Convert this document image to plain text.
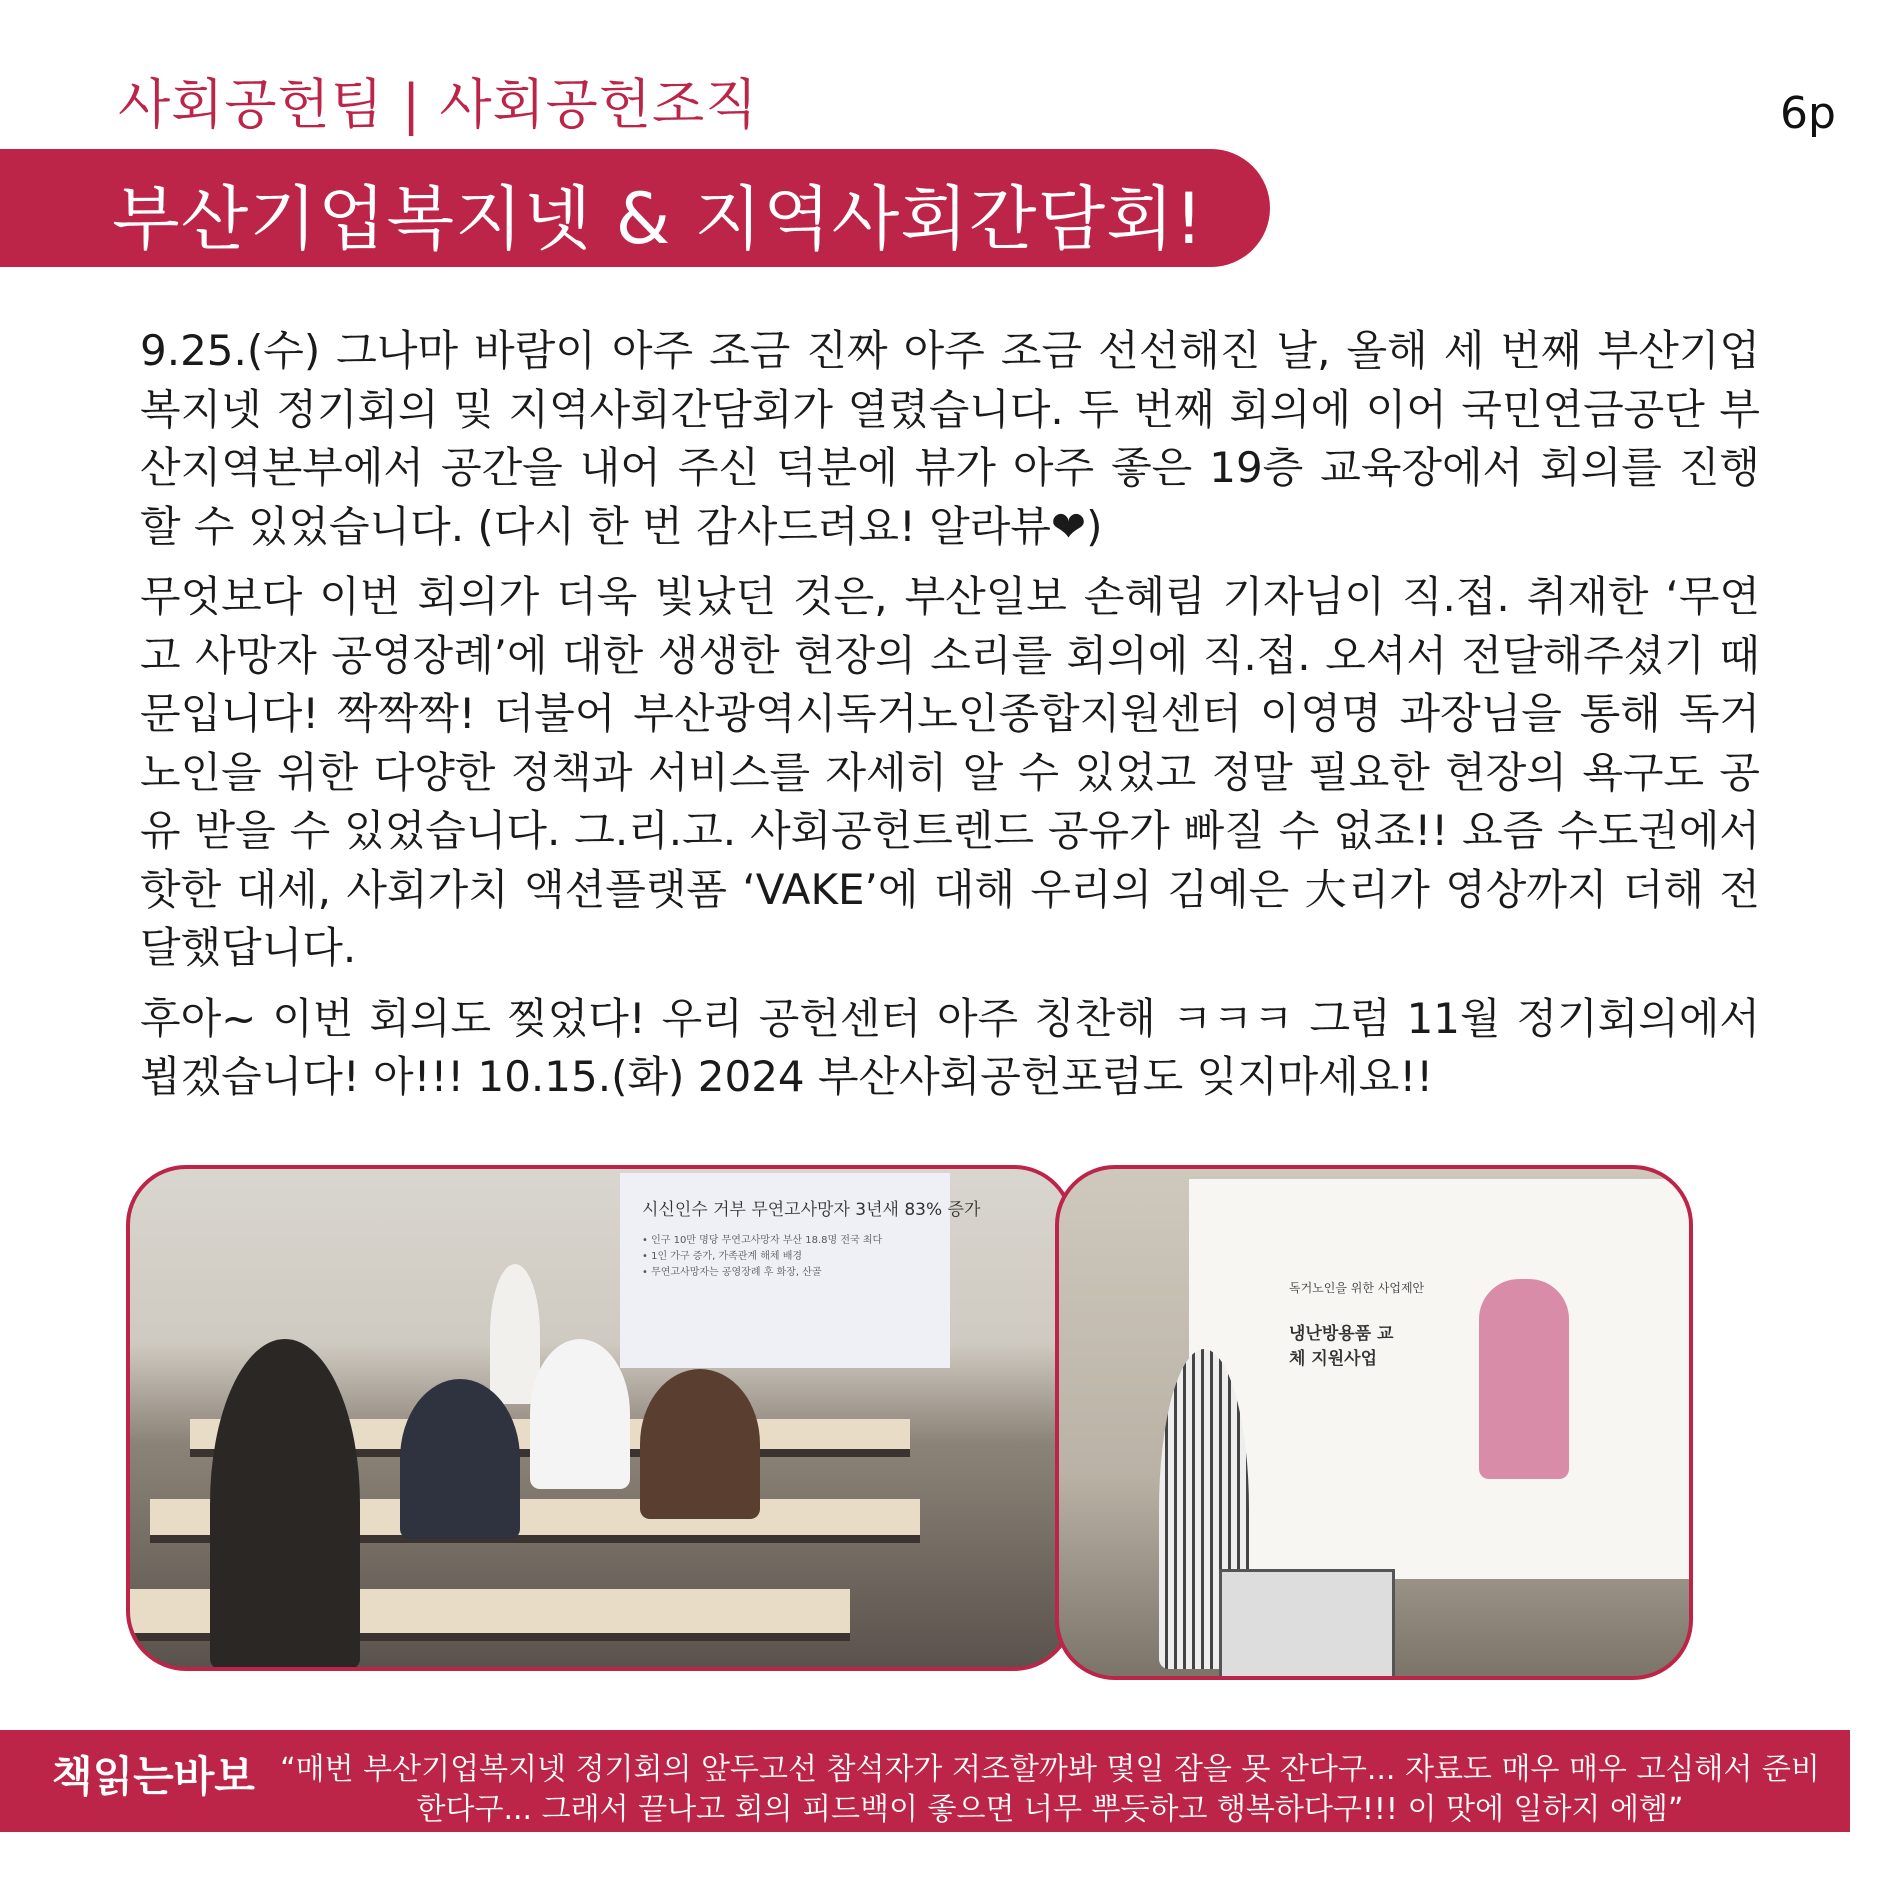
사회공헌팀 | 사회공헌조직	6p
부산기업복지넷 & 지역사회간담회!

9.25.(수) 그나마 바람이 아주 조금 진짜 아주 조금 선선해진 날, 올해 세 번째 부산기업복지넷 정기회의 및 지역사회간담회가 열렸습니다. 두 번째 회의에 이어 국민연금공단 부산지역본부에서 공간을 내어 주신 덕분에 뷰가 아주 좋은 19층 교육장에서 회의를 진행 할 수 있었습니다. (다시 한 번 감사드려요! 알라뷰❤)

무엇보다 이번 회의가 더욱 빛났던 것은, 부산일보 손혜림 기자님이 직.접. 취재한 ‘무연고 사망자 공영장례’에 대한 생생한 현장의 소리를 회의에 직.접. 오셔서 전달해주셨기 때문입니다! 짝짝짝! 더불어 부산광역시독거노인종합지원센터 이영명 과장님을 통해 독거노인을 위한 다양한 정책과 서비스를 자세히 알 수 있었고 정말 필요한 현장의 욕구도 공유 받을 수 있었습니다. 그.리.고. 사회공헌트렌드 공유가 빠질 수 없죠!! 요즘 수도권에서 핫한 대세, 사회가치 액션플랫폼 ‘VAKE’에 대해 우리의 김예은 大리가 영상까지 더해 전달했답니다.

후아~ 이번 회의도 찢었다! 우리 공헌센터 아주 칭찬해 ㅋㅋㅋ 그럼 11월 정기회의에서 뵙겠습니다! 아!!! 10.15.(화) 2024 부산사회공헌포럼도 잊지마세요!!

시신인수 거부 무연고사망자 3년새 83% 증가
• 인구 10만 명당 무연고사망자 부산 18.8명 전국 최다
• 1인 가구 증가, 가족관계 해체 배경
• 무연고사망자는 공영장례 후 화장, 산골
독거노인을 위한 사업제안
냉난방용품 교체 지원사업
책읽는바보 “매번 부산기업복지넷 정기회의 앞두고선 참석자가 저조할까봐 몇일 잠을 못 잔다구... 자료도 매우 매우 고심해서 준비한다구... 그래서 끝나고 회의 피드백이 좋으면 너무 뿌듯하고 행복하다구!!! 이 맛에 일하지 에헴”
